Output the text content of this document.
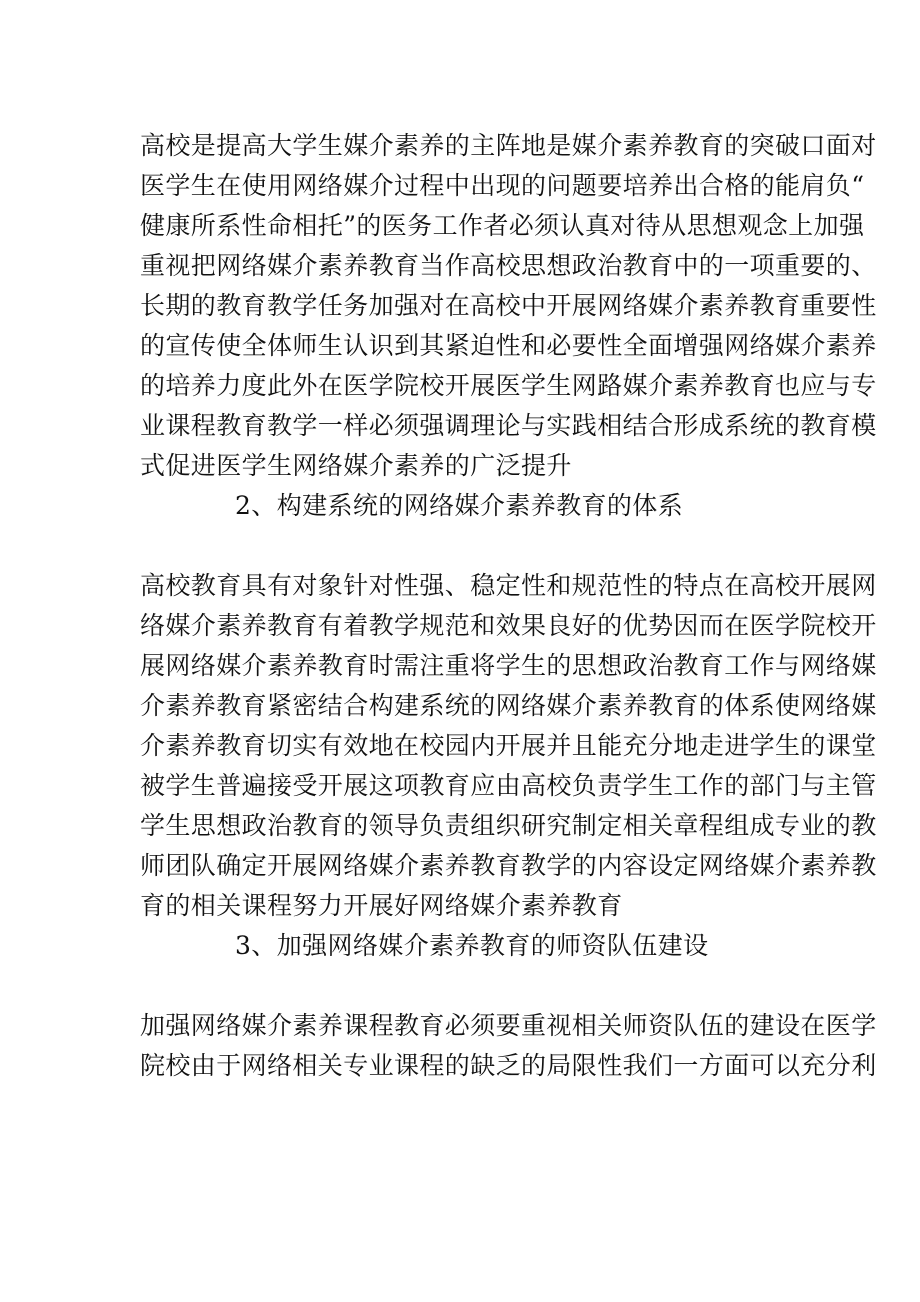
高校是提高大学生媒介素养的主阵地是媒介素养教育的突破口面对
医学生在使用网络媒介过程中出现的问题要培养出合格的能肩负“
健康所系性命相托”的医务工作者必须认真对待从思想观念上加强
重视把网络媒介素养教育当作高校思想政治教育中的一项重要的、
长期的教育教学任务加强对在高校中开展网络媒介素养教育重要性
的宣传使全体师生认识到其紧迫性和必要性全面增强网络媒介素养
的培养力度此外在医学院校开展医学生网路媒介素养教育也应与专
业课程教育教学一样必须强调理论与实践相结合形成系统的教育模
式促进医学生网络媒介素养的广泛提升
2、构建系统的网络媒介素养教育的体系
高校教育具有对象针对性强、稳定性和规范性的特点在高校开展网
络媒介素养教育有着教学规范和效果良好的优势因而在医学院校开
展网络媒介素养教育时需注重将学生的思想政治教育工作与网络媒
介素养教育紧密结合构建系统的网络媒介素养教育的体系使网络媒
介素养教育切实有效地在校园内开展并且能充分地走进学生的课堂
被学生普遍接受开展这项教育应由高校负责学生工作的部门与主管
学生思想政治教育的领导负责组织研究制定相关章程组成专业的教
师团队确定开展网络媒介素养教育教学的内容设定网络媒介素养教
育的相关课程努力开展好网络媒介素养教育
3、加强网络媒介素养教育的师资队伍建设
加强网络媒介素养课程教育必须要重视相关师资队伍的建设在医学
院校由于网络相关专业课程的缺乏的局限性我们一方面可以充分利
